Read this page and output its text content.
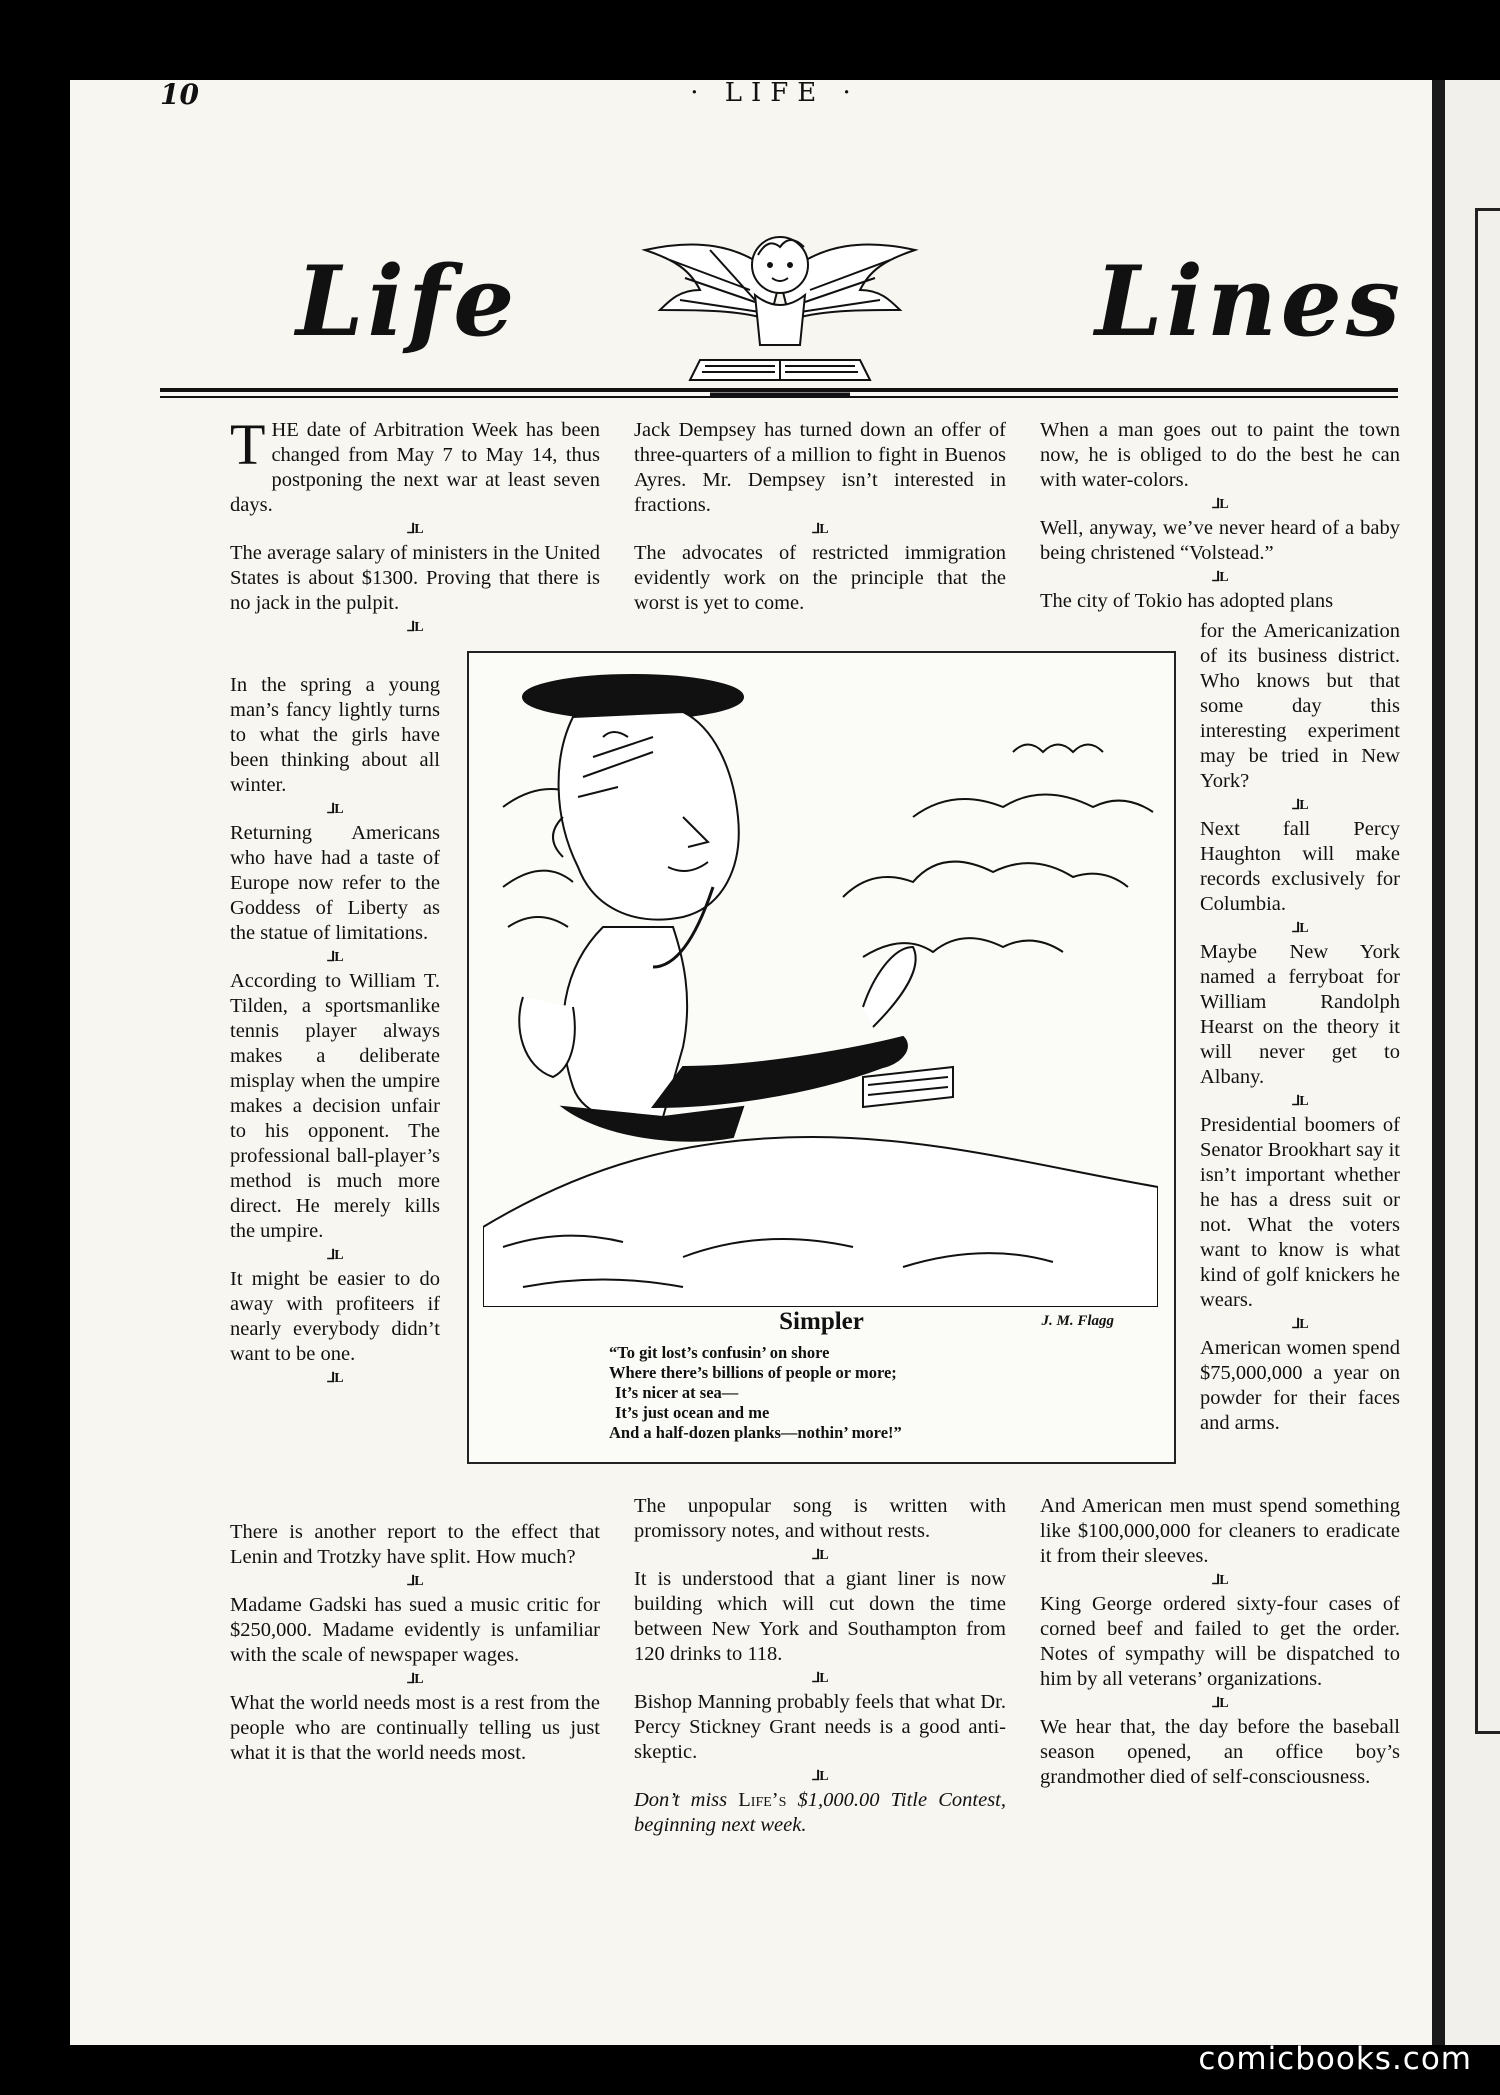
· LIFE ·
10
Life	Lines

THE date of Arbitration Week has been changed from May 7 to May 14, thus postponing the next war at least seven days.

⅃L

The average salary of ministers in the United States is about $1300. Proving that there is no jack in the pulpit.

⅃L

In the spring a young man’s fancy lightly turns to what the girls have been thinking about all winter.

⅃L

Returning Americans who have had a taste of Europe now refer to the Goddess of Liberty as the statue of limitations.

⅃L

According to William T. Tilden, a sportsmanlike tennis player always makes a deliberate misplay when the umpire makes a decision unfair to his opponent. The professional ball-player’s method is much more direct. He merely kills the umpire.

⅃L

It might be easier to do away with profiteers if nearly everybody didn’t want to be one.

⅃L

There is another report to the effect that Lenin and Trotzky have split. How much?

⅃L

Madame Gadski has sued a music critic for $250,000. Madame evidently is unfamiliar with the scale of newspaper wages.

⅃L

What the world needs most is a rest from the people who are continually telling us just what it is that the world needs most.

Jack Dempsey has turned down an offer of three-quarters of a million to fight in Buenos Ayres. Mr. Dempsey isn’t interested in fractions.

⅃L

The advocates of restricted immigration evidently work on the principle that the worst is yet to come.

The unpopular song is written with promissory notes, and without rests.

⅃L

It is understood that a giant liner is now building which will cut down the time between New York and Southampton from 120 drinks to 118.

⅃L

Bishop Manning probably feels that what Dr. Percy Stickney Grant needs is a good anti-skeptic.

⅃L

Don’t miss Life’s $1,000.00 Title Contest, beginning next week.

When a man goes out to paint the town now, he is obliged to do the best he can with water-colors.

⅃L

Well, anyway, we’ve never heard of a baby being christened “Volstead.”

⅃L

The city of Tokio has adopted plans

for the Americanization of its business district. Who knows but that some day this interesting experiment may be tried in New York?

⅃L

Next fall Percy Haughton will make records exclusively for Columbia.

⅃L

Maybe New York named a ferryboat for William Randolph Hearst on the theory it will never get to Albany.

⅃L

Presidential boomers of Senator Brookhart say it isn’t important whether he has a dress suit or not. What the voters want to know is what kind of golf knickers he wears.

⅃L

American women spend $75,000,000 a year on powder for their faces and arms.

And American men must spend something like $100,000,000 for cleaners to eradicate it from their sleeves.

⅃L

King George ordered sixty-four cases of corned beef and failed to get the order. Notes of sympathy will be dispatched to him by all veterans’ organizations.

⅃L

We hear that, the day before the baseball season opened, an office boy’s grandmother died of self-consciousness.

Simpler	J. M. Flagg
“To git lost’s confusin’ on shore
Where there’s billions of people or more;
It’s nicer at sea—
It’s just ocean and me
And a half-dozen planks—nothin’ more!”
comicbooks.com
